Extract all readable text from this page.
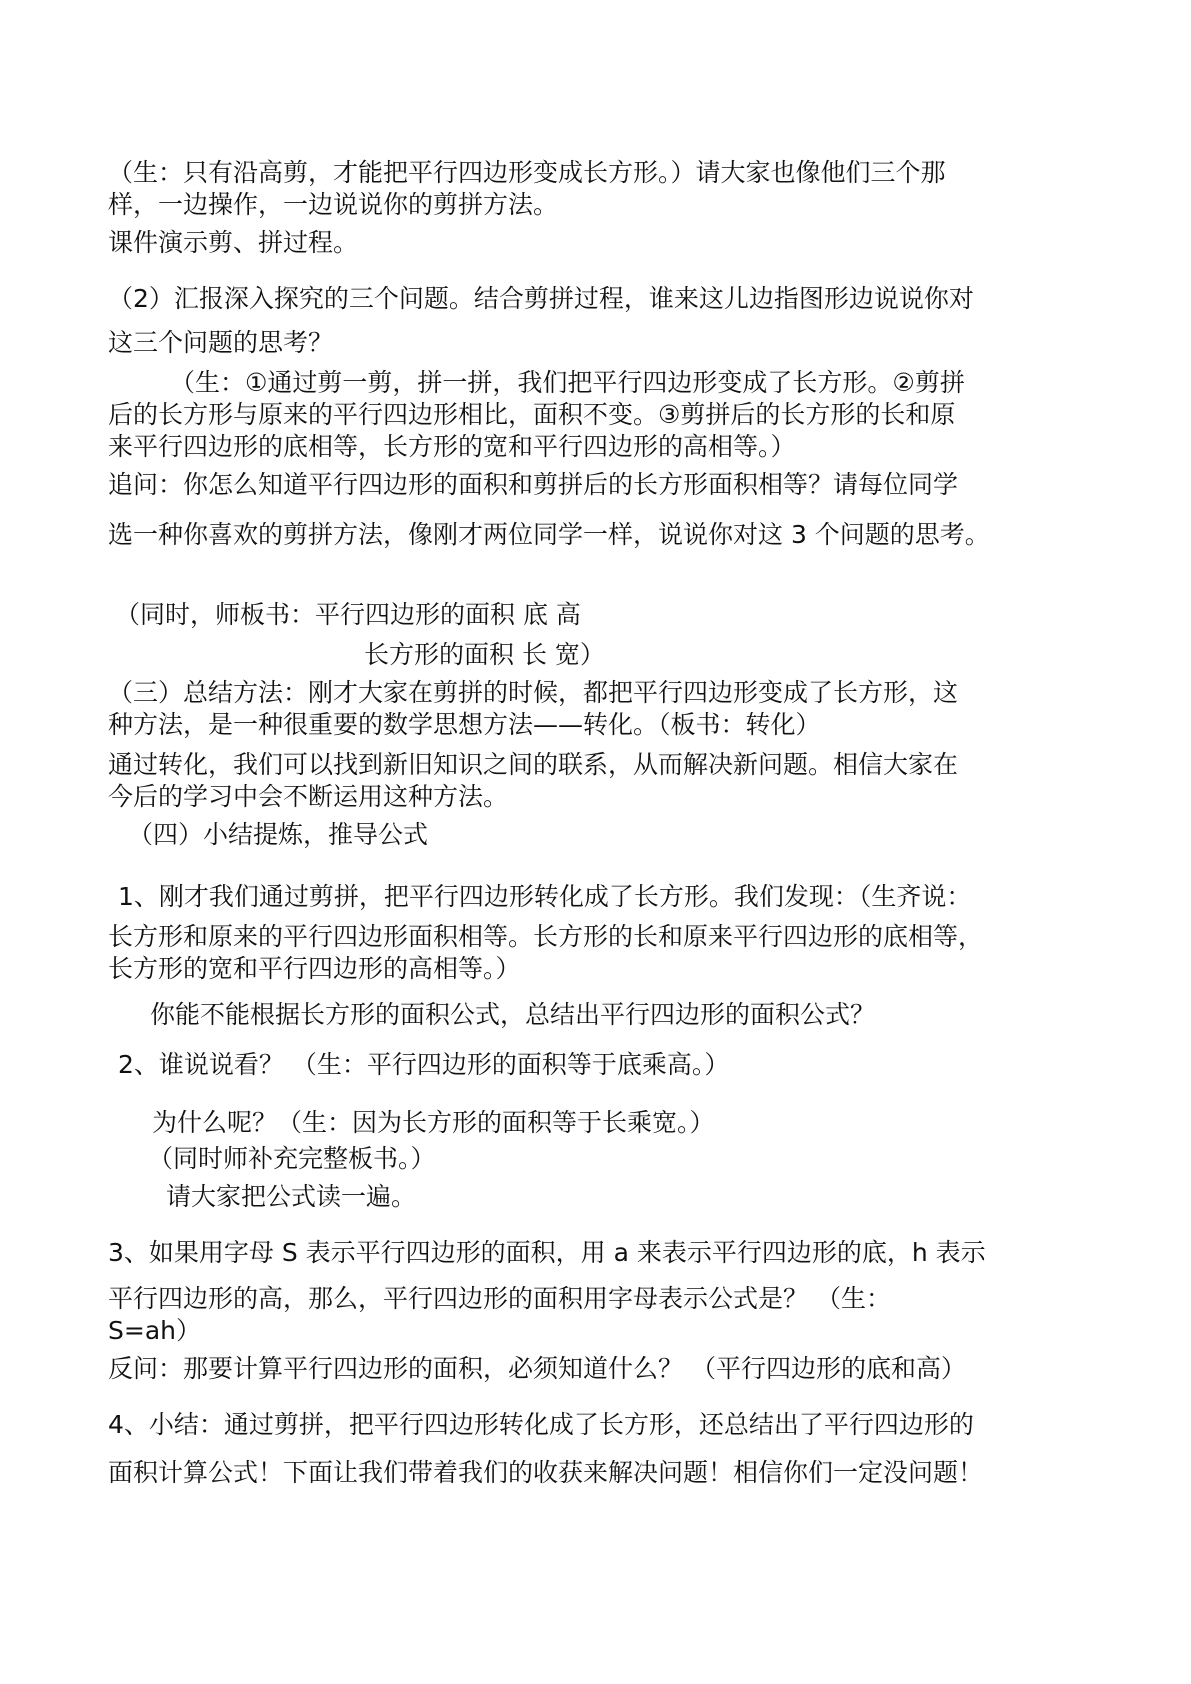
（生：只有沿高剪，才能把平行四边形变成长方形。）请大家也像他们三个那
样，一边操作，一边说说你的剪拼方法。
课件演示剪、拼过程。
（2）汇报深入探究的三个问题。结合剪拼过程，谁来这儿边指图形边说说你对
这三个问题的思考？
（生：①通过剪一剪，拼一拼，我们把平行四边形变成了长方形。②剪拼
后的长方形与原来的平行四边形相比，面积不变。③剪拼后的长方形的长和原
来平行四边形的底相等，长方形的宽和平行四边形的高相等。）
追问：你怎么知道平行四边形的面积和剪拼后的长方形面积相等？请每位同学
选一种你喜欢的剪拼方法，像刚才两位同学一样，说说你对这 3 个问题的思考。
（同时，师板书：平行四边形的面积 底 高
长方形的面积 长 宽）
（三）总结方法：刚才大家在剪拼的时候，都把平行四边形变成了长方形，这
种方法，是一种很重要的数学思想方法——转化。（板书：转化）
通过转化，我们可以找到新旧知识之间的联系，从而解决新问题。相信大家在
今后的学习中会不断运用这种方法。
（四）小结提炼，推导公式
1、刚才我们通过剪拼，把平行四边形转化成了长方形。我们发现：（生齐说：
长方形和原来的平行四边形面积相等。长方形的长和原来平行四边形的底相等，
长方形的宽和平行四边形的高相等。）
你能不能根据长方形的面积公式，总结出平行四边形的面积公式？
2、谁说说看？ （生：平行四边形的面积等于底乘高。）
为什么呢？（生：因为长方形的面积等于长乘宽。）
（同时师补充完整板书。）
请大家把公式读一遍。
3、如果用字母 S 表示平行四边形的面积，用 a 来表示平行四边形的底，h 表示
平行四边形的高，那么，平行四边形的面积用字母表示公式是？ （生：
S=ah）
反问：那要计算平行四边形的面积，必须知道什么？ （平行四边形的底和高）
4、小结：通过剪拼，把平行四边形转化成了长方形，还总结出了平行四边形的
面积计算公式！下面让我们带着我们的收获来解决问题！相信你们一定没问题！
